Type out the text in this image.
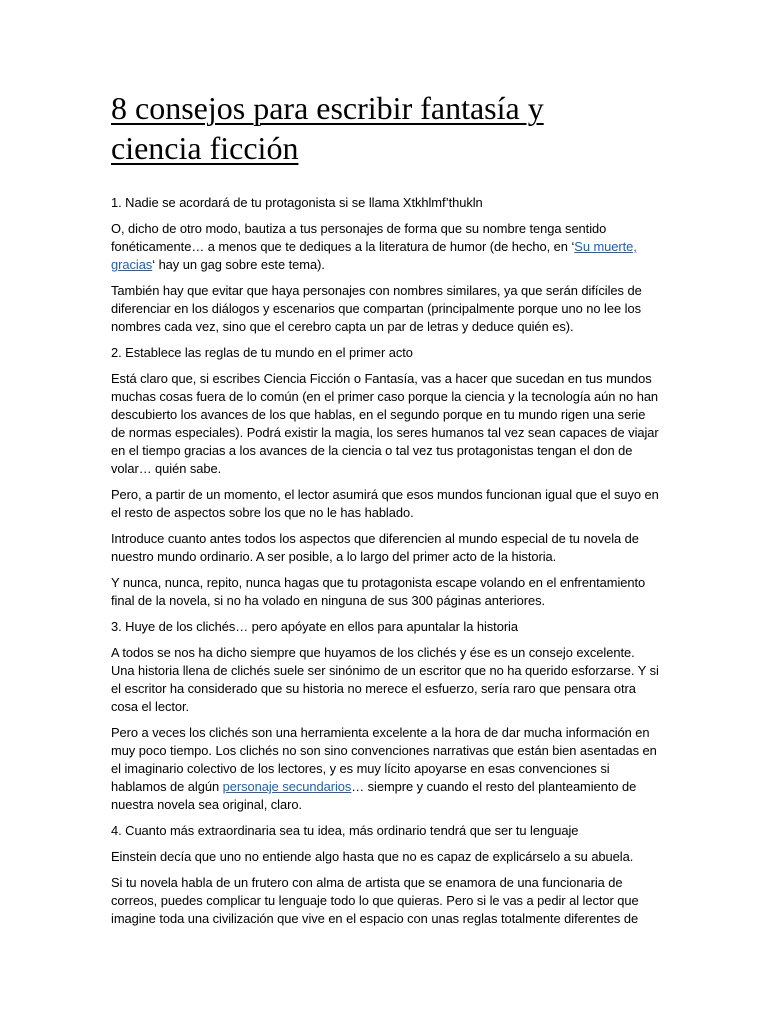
8 consejos para escribir fantasía y
ciencia ficción

1. Nadie se acordará de tu protagonista si se llama Xtkhlmf’thukln

O, dicho de otro modo, bautiza a tus personajes de forma que su nombre tenga sentido fonéticamente… a menos que te dediques a la literatura de humor (de hecho, en ‘Su muerte, gracias‘ hay un gag sobre este tema).

También hay que evitar que haya personajes con nombres similares, ya que serán difíciles de diferenciar en los diálogos y escenarios que compartan (principalmente porque uno no lee los nombres cada vez, sino que el cerebro capta un par de letras y deduce quién es).

2. Establece las reglas de tu mundo en el primer acto

Está claro que, si escribes Ciencia Ficción o Fantasía, vas a hacer que sucedan en tus mundos muchas cosas fuera de lo común (en el primer caso porque la ciencia y la tecnología aún no han descubierto los avances de los que hablas, en el segundo porque en tu mundo rigen una serie de normas especiales). Podrá existir la magia, los seres humanos tal vez sean capaces de viajar en el tiempo gracias a los avances de la ciencia o tal vez tus protagonistas tengan el don de volar… quién sabe.

Pero, a partir de un momento, el lector asumirá que esos mundos funcionan igual que el suyo en el resto de aspectos sobre los que no le has hablado.

Introduce cuanto antes todos los aspectos que diferencien al mundo especial de tu novela de nuestro mundo ordinario. A ser posible, a lo largo del primer acto de la historia.

Y nunca, nunca, repito, nunca hagas que tu protagonista escape volando en el enfrentamiento final de la novela, si no ha volado en ninguna de sus 300 páginas anteriores.

3. Huye de los clichés… pero apóyate en ellos para apuntalar la historia

A todos se nos ha dicho siempre que huyamos de los clichés y ése es un consejo excelente. Una historia llena de clichés suele ser sinónimo de un escritor que no ha querido esforzarse. Y si el escritor ha considerado que su historia no merece el esfuerzo, sería raro que pensara otra cosa el lector.

Pero a veces los clichés son una herramienta excelente a la hora de dar mucha información en muy poco tiempo. Los clichés no son sino convenciones narrativas que están bien asentadas en el imaginario colectivo de los lectores, y es muy lícito apoyarse en esas convenciones si hablamos de algún personaje secundarios… siempre y cuando el resto del planteamiento de nuestra novela sea original, claro.

4. Cuanto más extraordinaria sea tu idea, más ordinario tendrá que ser tu lenguaje

Einstein decía que uno no entiende algo hasta que no es capaz de explicárselo a su abuela.

Si tu novela habla de un frutero con alma de artista que se enamora de una funcionaria de correos, puedes complicar tu lenguaje todo lo que quieras. Pero si le vas a pedir al lector que imagine toda una civilización que vive en el espacio con unas reglas totalmente diferentes de
